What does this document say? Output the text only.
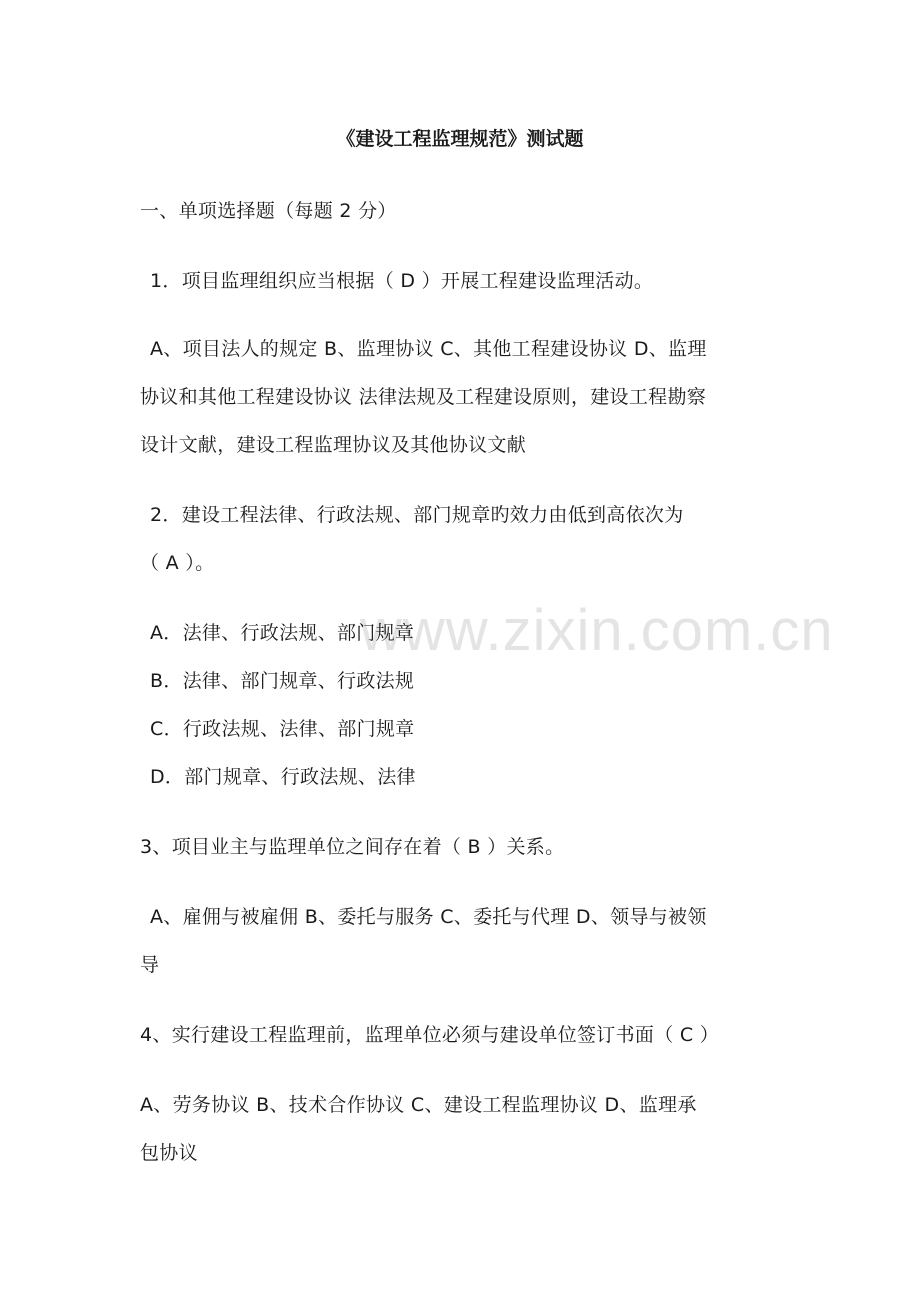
www.zixin.com.cn
《建设工程监理规范》测试题
一、单项选择题（每题 2 分）
1．项目监理组织应当根据（ D ）开展工程建设监理活动。
A、项目法人的规定 B、监理协议 C、其他工程建设协议 D、监理
协议和其他工程建设协议 法律法规及工程建设原则，建设工程勘察
设计文献，建设工程监理协议及其他协议文献
2．建设工程法律、行政法规、部门规章旳效力由低到高依次为
（ A ）。
A．法律、行政法规、部门规章
B．法律、部门规章、行政法规
C．行政法规、法律、部门规章
D．部门规章、行政法规、法律
3、项目业主与监理单位之间存在着（ B ）关系。
A、雇佣与被雇佣 B、委托与服务 C、委托与代理 D、领导与被领
导
4、实行建设工程监理前，监理单位必须与建设单位签订书面（ C ）
A、劳务协议 B、技术合作协议 C、建设工程监理协议 D、监理承
包协议
